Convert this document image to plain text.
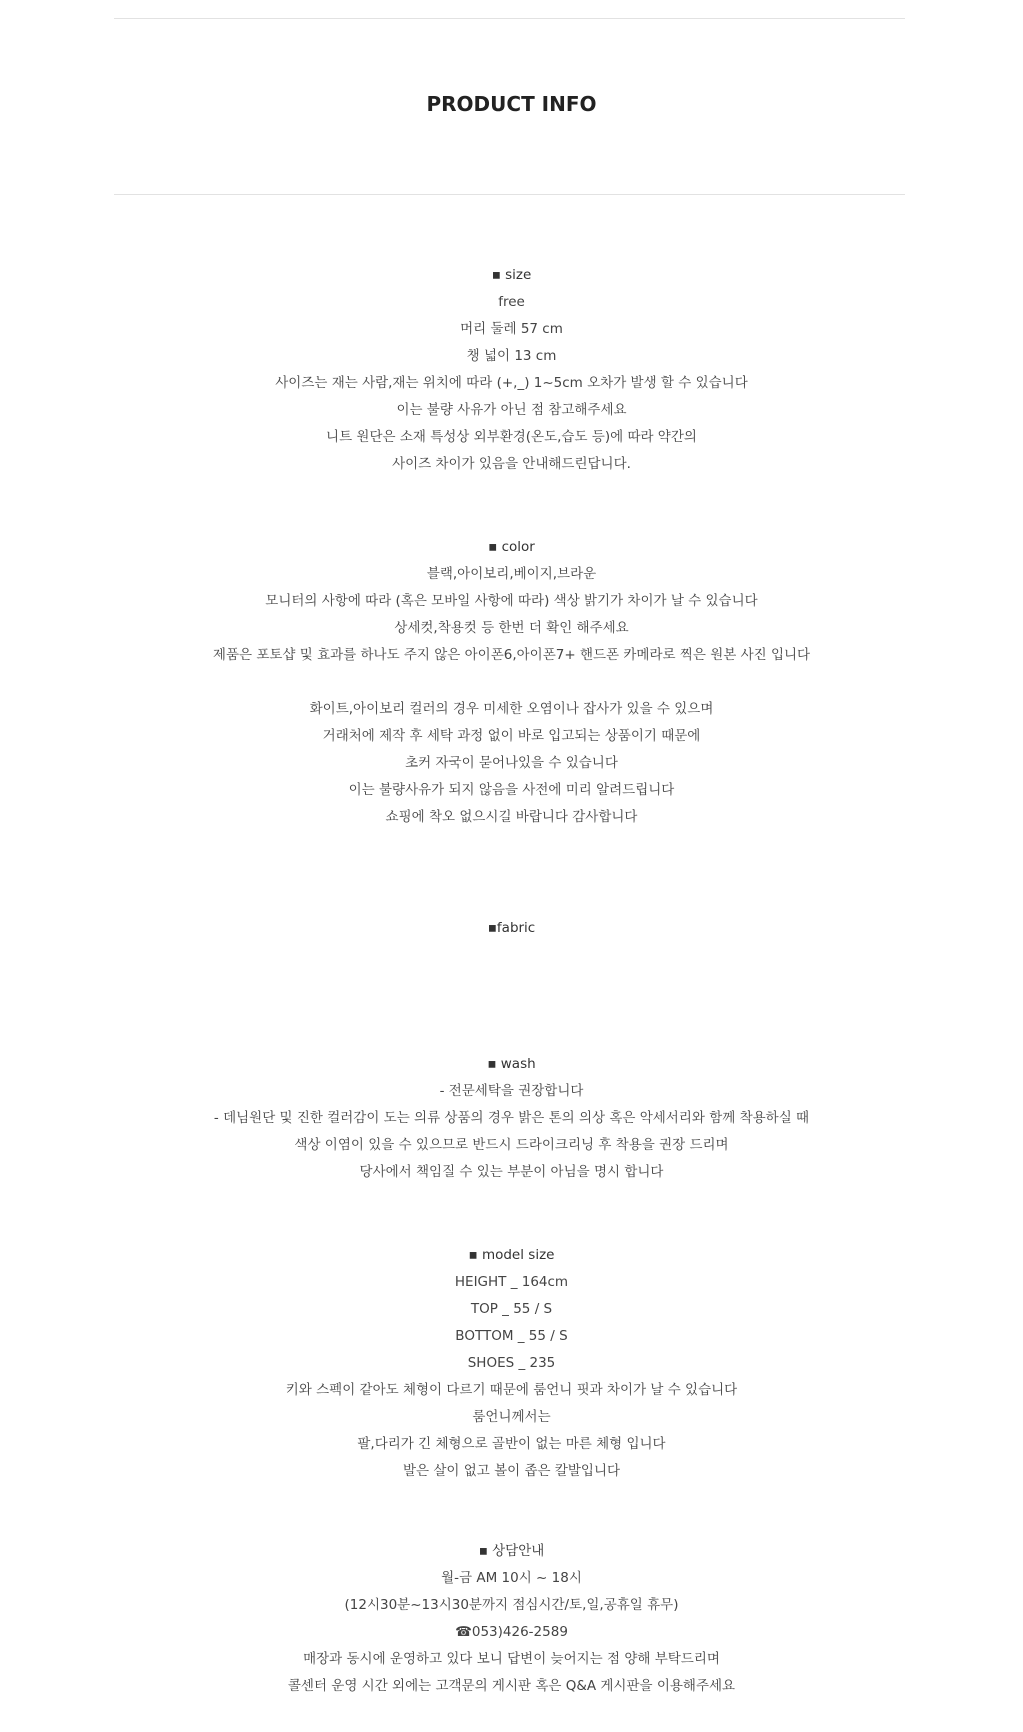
PRODUCT INFO
▪ size
free
머리 둘레 57 cm
챙 넓이 13 cm
사이즈는 재는 사람,재는 위치에 따라 (+,_) 1~5cm 오차가 발생 할 수 있습니다
이는 불량 사유가 아닌 점 참고해주세요
니트 원단은 소재 특성상 외부환경(온도,습도 등)에 따라 약간의
사이즈 차이가 있음을 안내해드린답니다.
▪ color
블랙,아이보리,베이지,브라운
모니터의 사항에 따라 (혹은 모바일 사항에 따라) 색상 밝기가 차이가 날 수 있습니다
상세컷,착용컷 등 한번 더 확인 해주세요
제품은 포토샵 및 효과를 하나도 주지 않은 아이폰6,아이폰7+ 핸드폰 카메라로 찍은 원본 사진 입니다
화이트,아이보리 컬러의 경우 미세한 오염이나 잡사가 있을 수 있으며
거래처에 제작 후 세탁 과정 없이 바로 입고되는 상품이기 때문에
초커 자국이 묻어나있을 수 있습니다
이는 불량사유가 되지 않음을 사전에 미리 알려드립니다
쇼핑에 착오 없으시길 바랍니다 감사합니다
▪fabric
▪ wash
- 전문세탁을 권장합니다
- 데님원단 및 진한 컬러감이 도는 의류 상품의 경우 밝은 톤의 의상 혹은 악세서리와 함께 착용하실 때
색상 이염이 있을 수 있으므로 반드시 드라이크리닝 후 착용을 권장 드리며
당사에서 책임질 수 있는 부분이 아님을 명시 합니다
▪ model size
HEIGHT _ 164cm
TOP _ 55 / S
BOTTOM _ 55 / S
SHOES _ 235
키와 스펙이 같아도 체형이 다르기 때문에 룸언니 핏과 차이가 날 수 있습니다
룸언니께서는
팔,다리가 긴 체형으로 골반이 없는 마른 체형 입니다
발은 살이 없고 볼이 좁은 칼발입니다
▪ 상담안내
월-금 AM 10시 ~ 18시
(12시30분~13시30분까지 점심시간/토,일,공휴일 휴무)
☎053)426-2589
매장과 동시에 운영하고 있다 보니 답변이 늦어지는 점 양해 부탁드리며
콜센터 운영 시간 외에는 고객문의 게시판 혹은 Q&A 게시판을 이용해주세요
